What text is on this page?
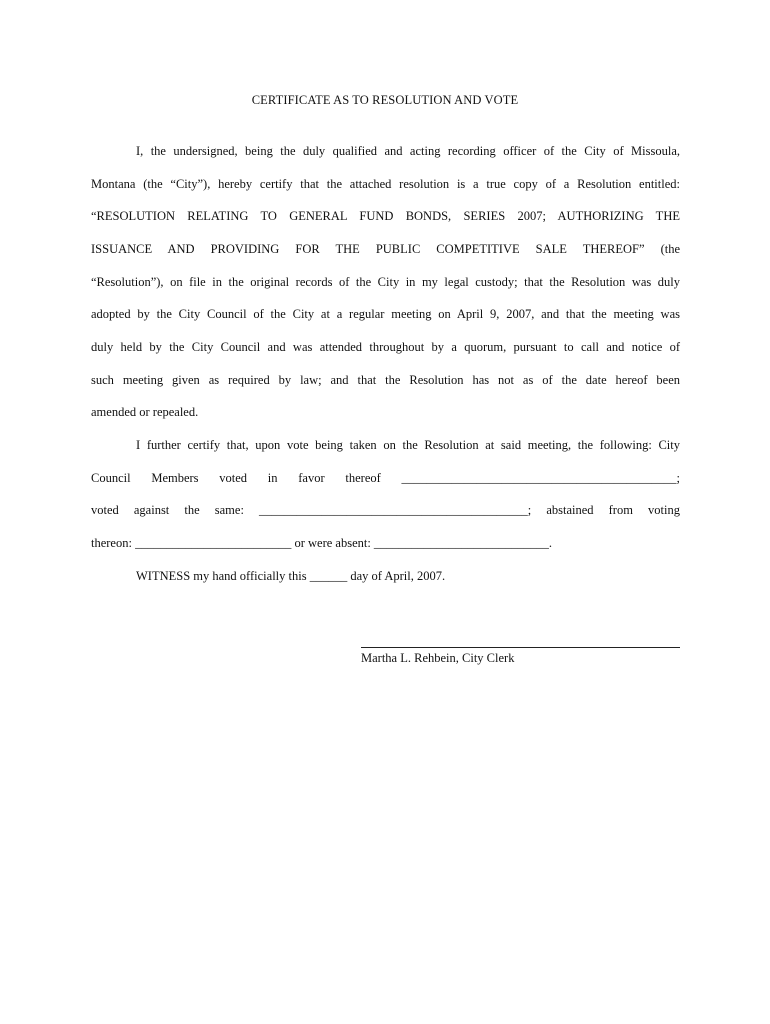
CERTIFICATE AS TO RESOLUTION AND VOTE
I, the undersigned, being the duly qualified and acting recording officer of the City of Missoula,
Montana (the “City”), hereby certify that the attached resolution is a true copy of a Resolution entitled:
“RESOLUTION RELATING TO GENERAL FUND BONDS, SERIES 2007; AUTHORIZING THE
ISSUANCE AND PROVIDING FOR THE PUBLIC COMPETITIVE SALE THEREOF” (the
“Resolution”), on file in the original records of the City in my legal custody; that the Resolution was duly
adopted by the City Council of the City at a regular meeting on April 9, 2007, and that the meeting was
duly held by the City Council and was attended throughout by a quorum, pursuant to call and notice of
such meeting given as required by law; and that the Resolution has not as of the date hereof been
amended or repealed.
I further certify that, upon vote being taken on the Resolution at said meeting, the following: City
Council Members voted in favor thereof ____________________________________________;
voted against the same: ___________________________________________; abstained from voting
thereon: _________________________ or were absent: ____________________________.
WITNESS my hand officially this ______ day of April, 2007.
Martha L. Rehbein, City Clerk
